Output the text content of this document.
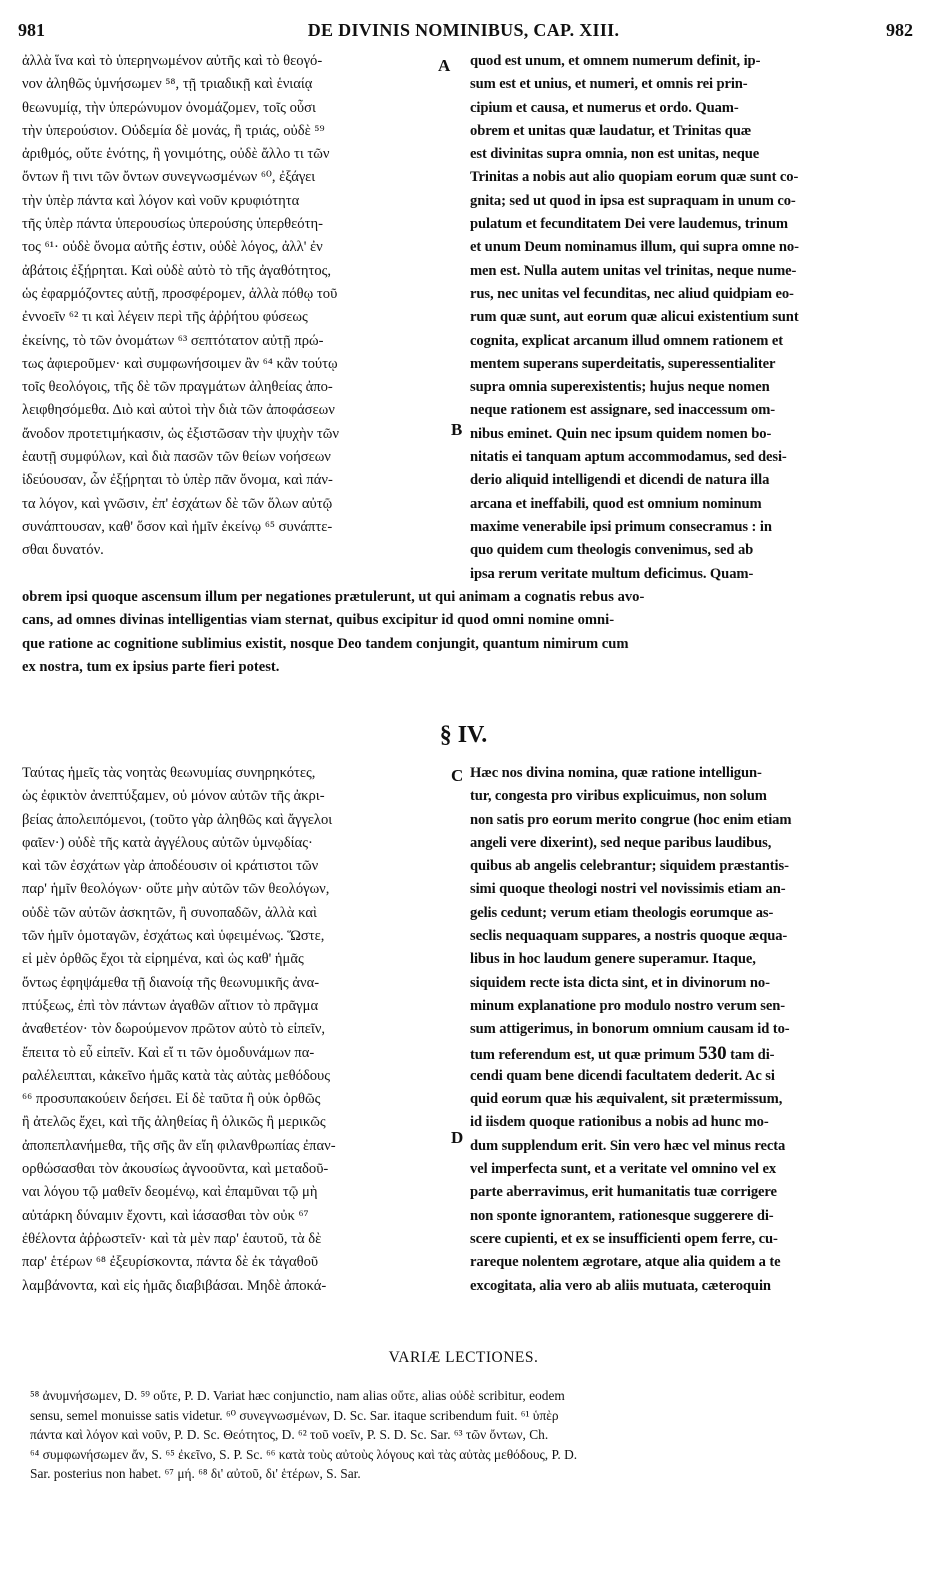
981	DE DIVINIS NOMINIBUS, CAP. XIII.	982
ἀλλὰ ἵνα καὶ τὸ ὑπερηνωμένον αὐτῆς καὶ τὸ θεογό-
νον ἀληθῶς ὑμνήσωμεν ⁵⁸, τῇ τριαδικῇ καὶ ἑνιαίᾳ
θεωνυμίᾳ, τὴν ὑπερώνυμον ὀνομάζομεν, τοῖς οὖσι
τὴν ὑπερούσιον. Οὐδεμία δὲ μονάς, ἢ τριάς, οὐδὲ ⁵⁹
ἀριθμός, οὔτε ἑνότης, ἢ γονιμότης, οὐδὲ ἄλλο τι τῶν
ὄντων ἢ τινι τῶν ὄντων συνεγνωσμένων ⁶⁰, ἐξάγει
τὴν ὑπὲρ πάντα καὶ λόγον καὶ νοῦν κρυφιότητα
τῆς ὑπὲρ πάντα ὑπερουσίως ὑπερούσης ὑπερθεότη-
τος ⁶¹· οὐδὲ ὄνομα αὐτῆς ἐστιν, οὐδὲ λόγος, ἀλλ' ἐν
ἀβάτοις ἐξῄρηται. Καὶ οὐδὲ αὐτὸ τὸ τῆς ἀγαθότητος,
ὡς ἐφαρμόζοντες αὐτῇ, προσφέρομεν, ἀλλὰ πόθῳ τοῦ
ἐννοεῖν ⁶² τι καὶ λέγειν περὶ τῆς ἀῤῥήτου φύσεως
ἐκείνης, τὸ τῶν ὀνομάτων ⁶³ σεπτότατον αὐτῇ πρώ-
τως ἀφιεροῦμεν· καὶ συμφωνήσοιμεν ἂν ⁶⁴ κἂν τούτῳ
τοῖς θεολόγοις, τῆς δὲ τῶν πραγμάτων ἀληθείας ἀπο-
λειφθησόμεθα. Διὸ καὶ αὐτοὶ τὴν διὰ τῶν ἀποφάσεων
ἄνοδον προτετιμήκασιν, ὡς ἐξιστῶσαν τὴν ψυχὴν τῶν
ἑαυτῇ συμφύλων, καὶ διὰ πασῶν τῶν θείων νοήσεων
ἰδεύουσαν, ὧν ἐξῄρηται τὸ ὑπὲρ πᾶν ὄνομα, καὶ πάν-
τα λόγον, καὶ γνῶσιν, ἐπ' ἐσχάτων δὲ τῶν ὅλων αὐτῷ
συνάπτουσαν, καθ' ὅσον καὶ ἡμῖν ἐκείνῳ ⁶⁵ συνάπτε-
σθαι δυνατόν.
quod est unum, et omnem numerum definit, ip-
sum est et unius, et numeri, et omnis rei prin-
cipium et causa, et numerus et ordo. Quam-
obrem et unitas quæ laudatur, et Trinitas quæ
est divinitas supra omnia, non est unitas, neque
Trinitas a nobis aut alio quopiam eorum quæ sunt co-
gnita; sed ut quod in ipsa est supraquam in unum co-
pulatum et fecunditatem Dei vere laudemus, trinum
et unum Deum nominamus illum, qui supra omne no-
men est. Nulla autem unitas vel trinitas, neque nume-
rus, nec unitas vel fecunditas, nec aliud quidpiam eo-
rum quæ sunt, aut eorum quæ alicui existentium sunt
cognita, explicat arcanum illud omnem rationem et
mentem superans superdeitatis, superessentialiter
supra omnia superexistentis; hujus neque nomen
neque rationem est assignare, sed inaccessum om-
nibus eminet. Quin nec ipsum quidem nomen bo-
nitatis ei tanquam aptum accommodamus, sed desi-
derio aliquid intelligendi et dicendi de natura illa
arcana et ineffabili, quod est omnium nominum
maxime venerabile ipsi primum consecramus : in
quo quidem cum theologis convenimus, sed ab
ipsa rerum veritate multum deficimus. Quam-
A
B
C
D
obrem ipsi quoque ascensum illum per negationes prætulerunt, ut qui animam a cognatis rebus avo-
cans, ad omnes divinas intelligentias viam sternat, quibus excipitur id quod omni nomine omni-
que ratione ac cognitione sublimius existit, nosque Deo tandem conjungit, quantum nimirum cum
ex nostra, tum ex ipsius parte fieri potest.
§ IV.
Ταύτας ἡμεῖς τὰς νοητὰς θεωνυμίας συνηρηκότες,
ὡς ἐφικτὸν ἀνεπτύξαμεν, οὐ μόνον αὐτῶν τῆς ἀκρι-
βείας ἀπολειπόμενοι, (τοῦτο γὰρ ἀληθῶς καὶ ἄγγελοι
φαῖεν·) οὐδὲ τῆς κατὰ ἀγγέλους αὐτῶν ὑμνῳδίας·
καὶ τῶν ἐσχάτων γὰρ ἀποδέουσιν οἱ κράτιστοι τῶν
παρ' ἡμῖν θεολόγων· οὔτε μὴν αὐτῶν τῶν θεολόγων,
οὐδὲ τῶν αὐτῶν ἀσκητῶν, ἢ συνοπαδῶν, ἀλλὰ καὶ
τῶν ἡμῖν ὁμοταγῶν, ἐσχάτως καὶ ὑφειμένως. Ὥστε,
εἰ μὲν ὀρθῶς ἔχοι τὰ εἰρημένα, καὶ ὡς καθ' ἡμᾶς
ὄντως ἐφηψάμεθα τῇ διανοίᾳ τῆς θεωνυμικῆς ἀνα-
πτύξεως, ἐπὶ τὸν πάντων ἀγαθῶν αἴτιον τὸ πρᾶγμα
ἀναθετέον· τὸν δωρούμενον πρῶτον αὐτὸ τὸ εἰπεῖν,
ἔπειτα τὸ εὖ εἰπεῖν. Καὶ εἴ τι τῶν ὁμοδυνάμων πα-
ραλέλειπται, κἀκεῖνο ἡμᾶς κατὰ τὰς αὐτὰς μεθόδους
⁶⁶ προσυπακούειν δεήσει. Εἰ δὲ ταῦτα ἢ οὐκ ὀρθῶς
ἢ ἀτελῶς ἔχει, καὶ τῆς ἀληθείας ἢ ὁλικῶς ἢ μερικῶς
ἀποπεπλανήμεθα, τῆς σῆς ἂν εἴη φιλανθρωπίας ἐπαν-
ορθώσασθαι τὸν ἀκουσίως ἀγνοοῦντα, καὶ μεταδοῦ-
ναι λόγου τῷ μαθεῖν δεομένῳ, καὶ ἐπαμῦναι τῷ μὴ
αὐτάρκη δύναμιν ἔχοντι, καὶ ἰάσασθαι τὸν οὐκ ⁶⁷
ἐθέλοντα ἀῤῥωστεῖν· καὶ τὰ μὲν παρ' ἑαυτοῦ, τὰ δὲ
παρ' ἑτέρων ⁶⁸ ἐξευρίσκοντα, πάντα δὲ ἐκ τἀγαθοῦ
λαμβάνοντα, καὶ εἰς ἡμᾶς διαβιβάσαι. Μηδὲ ἀποκά-
Hæc nos divina nomina, quæ ratione intelligun-
tur, congesta pro viribus explicuimus, non solum
non satis pro eorum merito congrue (hoc enim etiam
angeli vere dixerint), sed neque paribus laudibus,
quibus ab angelis celebrantur; siquidem præstantis-
simi quoque theologi nostri vel novissimis etiam an-
gelis cedunt; verum etiam theologis eorumque as-
seclis nequaquam suppares, a nostris quoque æqua-
libus in hoc laudum genere superamur. Itaque,
siquidem recte ista dicta sint, et in divinorum no-
minum explanatione pro modulo nostro verum sen-
sum attigerimus, in bonorum omnium causam id to-
tum referendum est, ut quæ primum 530 tam di-
cendi quam bene dicendi facultatem dederit. Ac si
quid eorum quæ his æquivalent, sit prætermissum,
id iisdem quoque rationibus a nobis ad hunc mo-
dum supplendum erit. Sin vero hæc vel minus recta
vel imperfecta sunt, et a veritate vel omnino vel ex
parte aberravimus, erit humanitatis tuæ corrigere
non sponte ignorantem, rationesque suggerere di-
scere cupienti, et ex se insufficienti opem ferre, cu-
rareque nolentem ægrotare, atque alia quidem a te
excogitata, alia vero ab aliis mutuata, cæteroquin
VARIÆ LECTIONES.
⁵⁸ ἀνυμνήσωμεν, D. ⁵⁹ οὔτε, P. D. Variat hæc conjunctio, nam alias οὔτε, alias οὐδὲ scribitur, eodem
sensu, semel monuisse satis videtur. ⁶⁰ συνεγνωσμένων, D. Sc. Sar. itaque scribendum fuit. ⁶¹ ὑπὲρ
πάντα καὶ λόγον καὶ νοῦν, P. D. Sc. Θεότητος, D. ⁶² τοῦ νοεῖν, P. S. D. Sc. Sar. ⁶³ τῶν ὄντων, Ch.
⁶⁴ συμφωνήσωμεν ἄν, S. ⁶⁵ ἐκεῖνο, S. P. Sc. ⁶⁶ κατὰ τοὺς αὐτοὺς λόγους καὶ τὰς αὐτὰς μεθόδους, P. D.
Sar. posterius non habet. ⁶⁷ μή. ⁶⁸ δι' αὐτοῦ, δι' ἑτέρων, S. Sar.
